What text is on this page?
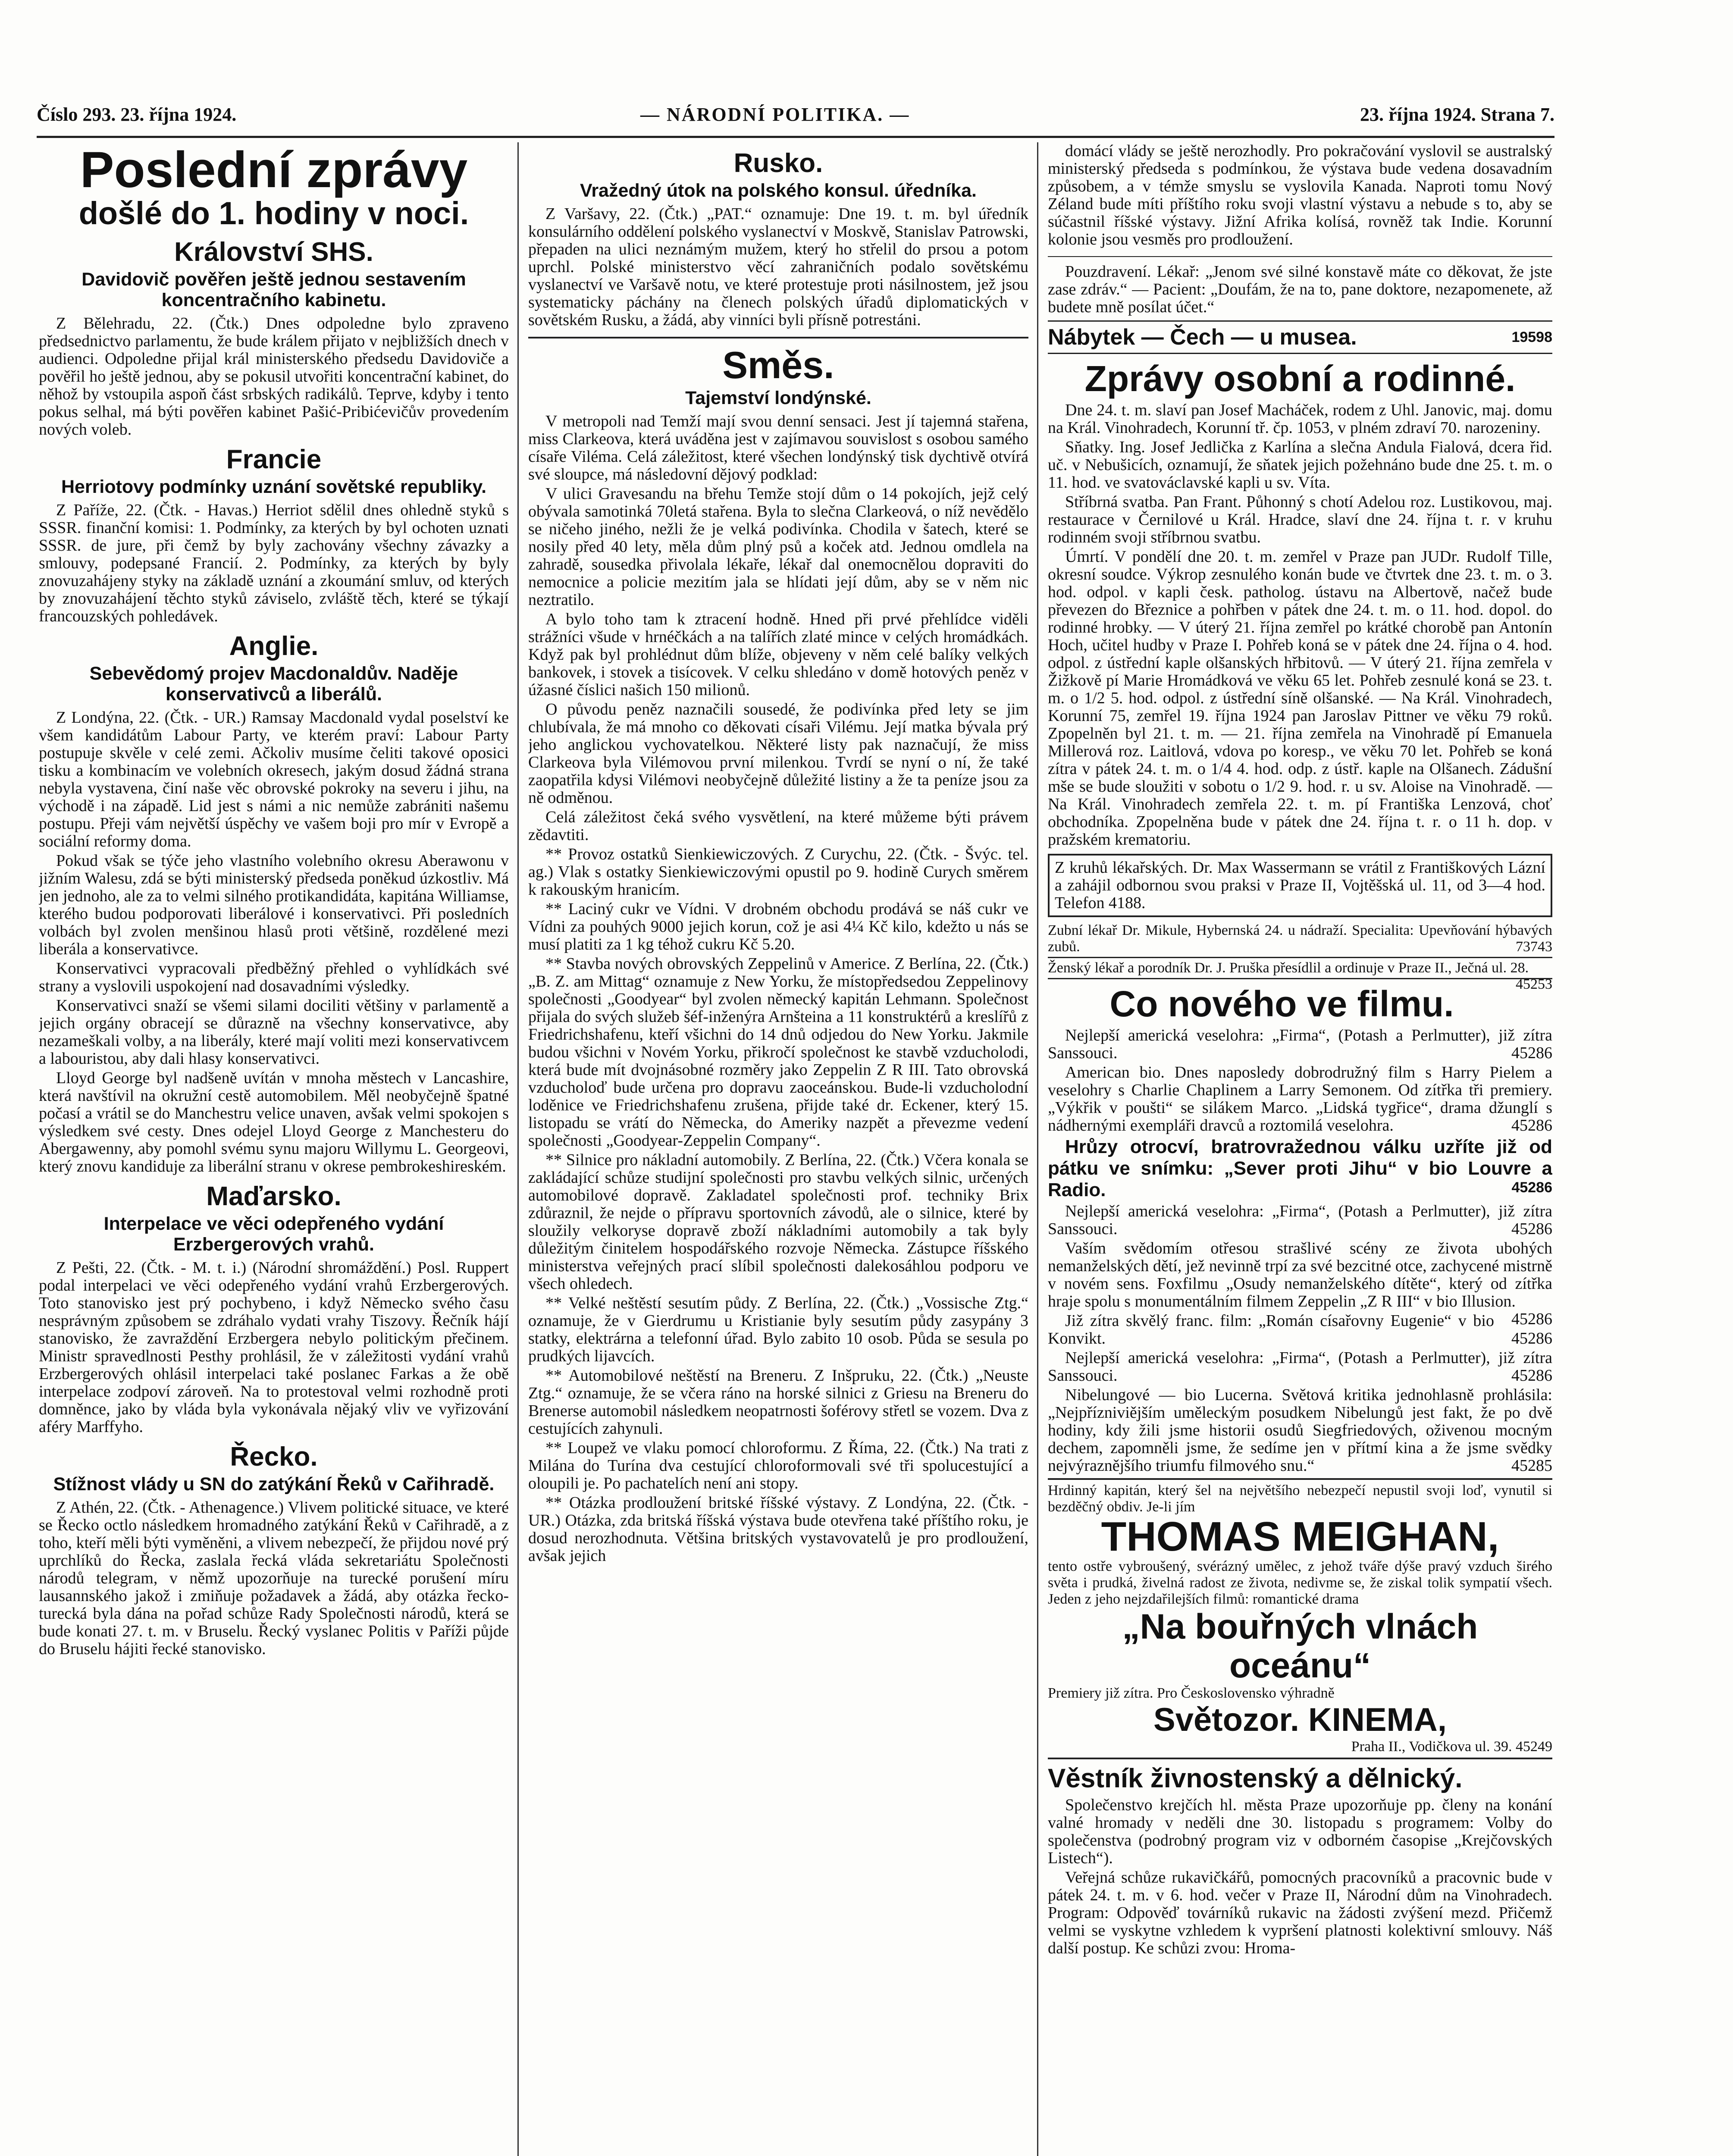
Číslo 293. 23. října 1924.	— NÁRODNÍ POLITIKA. —	23. října 1924. Strana 7.
Poslední zprávy
došlé do 1. hodiny v noci.
Království SHS.
Davidovič pověřen ještě jednou sestavením koncentračního kabinetu.

Z Bělehradu, 22. (Čtk.) Dnes odpoledne bylo zpraveno předsednictvo parlamentu, že bude králem přijato v nejbližších dnech v audienci. Odpoledne přijal král ministerského předsedu Davidoviče a pověřil ho ještě jednou, aby se pokusil utvořiti koncentrační kabinet, do něhož by vstoupila aspoň část srbských radikálů. Teprve, kdyby i tento pokus selhal, má býti pověřen kabinet Pašić-Pribićevičův provedením nových voleb.

Francie
Herriotovy podmínky uznání sovětské republiky.

Z Paříže, 22. (Čtk. - Havas.) Herriot sdělil dnes ohledně styků s SSSR. finanční komisi: 1. Podmínky, za kterých by byl ochoten uznati SSSR. de jure, při čemž by byly zachovány všechny závazky a smlouvy, podepsané Francií. 2. Podmínky, za kterých by byly znovuzahájeny styky na základě uznání a zkoumání smluv, od kterých by znovuzahájení těchto styků záviselo, zvláště těch, které se týkají francouzských pohledávek.

Anglie.
Sebevědomý projev Macdonaldův. Naděje konservativců a liberálů.

Z Londýna, 22. (Čtk. - UR.) Ramsay Macdonald vydal poselství ke všem kandidátům Labour Party, ve kterém praví: Labour Party postupuje skvěle v celé zemi. Ačkoliv musíme čeliti takové oposici tisku a kombinacím ve volebních okresech, jakým dosud žádná strana nebyla vystavena, činí naše věc obrovské pokroky na severu i jihu, na východě i na západě. Lid jest s námi a nic nemůže zabrániti našemu postupu. Přeji vám největší úspěchy ve vašem boji pro mír v Evropě a sociální reformy doma.

Pokud však se týče jeho vlastního volebního okresu Aberawonu v jižním Walesu, zdá se býti ministerský předseda poněkud úzkostliv. Má jen jednoho, ale za to velmi silného protikandidáta, kapitána Williamse, kterého budou podporovati liberálové i konservativci. Při posledních volbách byl zvolen menšinou hlasů proti většině, rozdělené mezi liberála a konservativce.

Konservativci vypracovali předběžný přehled o vyhlídkách své strany a vyslovili uspokojení nad dosavadními výsledky.

Konservativci snaží se všemi silami dociliti většiny v parlamentě a jejich orgány obracejí se důrazně na všechny konservativce, aby nezameškali volby, a na liberály, které mají voliti mezi konservativcem a labouristou, aby dali hlasy konservativci.

Lloyd George byl nadšeně uvítán v mnoha městech v Lancashire, která navštívil na okružní cestě automobilem. Měl neobyčejně špatné počasí a vrátil se do Manchestru velice unaven, avšak velmi spokojen s výsledkem své cesty. Dnes odejel Lloyd George z Manchesteru do Abergawenny, aby pomohl svému synu majoru Willymu L. Georgeovi, který znovu kandiduje za liberální stranu v okrese pembrokeshireském.

Maďarsko.
Interpelace ve věci odepřeného vydání Erzbergerových vrahů.

Z Pešti, 22. (Čtk. - M. t. i.) (Národní shromáždění.) Posl. Ruppert podal interpelaci ve věci odepřeného vydání vrahů Erzbergerových. Toto stanovisko jest prý pochybeno, i když Německo svého času nesprávným způsobem se zdráhalo vydati vrahy Tiszovy. Řečník hájí stanovisko, že zavraždění Erzbergera nebylo politickým přečinem. Ministr spravedlnosti Pesthy prohlásil, že v záležitosti vydání vrahů Erzbergerových ohlásil interpelaci také poslanec Farkas a že obě interpelace zodpoví zároveň. Na to protestoval velmi rozhodně proti domněnce, jako by vláda byla vykonávala nějaký vliv ve vyřizování aféry Marffyho.

Řecko.
Stížnost vlády u SN do zatýkání Řeků v Cařihradě.

Z Athén, 22. (Čtk. - Athenagence.) Vlivem politické situace, ve které se Řecko octlo následkem hromadného zatýkání Řeků v Cařihradě, a z toho, kteří měli býti vyměněni, a vlivem nebezpečí, že přijdou nové prý uprchlíků do Řecka, zaslala řecká vláda sekretariátu Společnosti národů telegram, v němž upozorňuje na turecké porušení míru lausannského jakož i zmiňuje požadavek a žádá, aby otázka řecko-turecká byla dána na pořad schůze Rady Společnosti národů, která se bude konati 27. t. m. v Bruselu. Řecký vyslanec Politis v Paříži půjde do Bruselu hájiti řecké stanovisko.

Rusko.
Vražedný útok na polského konsul. úředníka.

Z Varšavy, 22. (Čtk.) „PAT.“ oznamuje: Dne 19. t. m. byl úředník konsulárního oddělení polského vyslanectví v Moskvě, Stanislav Patrowski, přepaden na ulici neznámým mužem, který ho střelil do prsou a potom uprchl. Polské ministerstvo věcí zahraničních podalo sovětskému vyslanectví ve Varšavě notu, ve které protestuje proti násilnostem, jež jsou systematicky páchány na členech polských úřadů diplomatických v sovětském Rusku, a žádá, aby vinníci byli přísně potrestáni.

Směs.
Tajemství londýnské.

V metropoli nad Temží mají svou denní sensaci. Jest jí tajemná stařena, miss Clarkeova, která uváděna jest v zajímavou souvislost s osobou samého císaře Viléma. Celá záležitost, které všechen londýnský tisk dychtivě otvírá své sloupce, má následovní dějový podklad:

V ulici Gravesandu na břehu Temže stojí dům o 14 pokojích, jejž celý obývala samotinká 70letá stařena. Byla to slečna Clarkeová, o níž nevědělo se ničeho jiného, nežli že je velká podivínka. Chodila v šatech, které se nosily před 40 lety, měla dům plný psů a koček atd. Jednou omdlela na zahradě, sousedka přivolala lékaře, lékař dal onemocnělou dopraviti do nemocnice a policie mezitím jala se hlídati její dům, aby se v něm nic neztratilo.

A bylo toho tam k ztracení hodně. Hned při prvé přehlídce viděli strážníci všude v hrnéčkách a na talířích zlaté mince v celých hromádkách. Když pak byl prohlédnut dům blíže, objeveny v něm celé balíky velkých bankovek, i stovek a tisícovek. V celku shledáno v domě hotových peněz v úžasné číslici našich 150 milionů.

O původu peněz naznačili sousedé, že podivínka před lety se jim chlubívala, že má mnoho co děkovati císaři Vilému. Její matka bývala prý jeho anglickou vychovatelkou. Některé listy pak naznačují, že miss Clarkeova byla Vilémovou první milenkou. Tvrdí se nyní o ní, že také zaopatřila kdysi Vilémovi neobyčejně důležité listiny a že ta peníze jsou za ně odměnou.

Celá záležitost čeká svého vysvětlení, na které můžeme býti právem zědavtiti.

** Provoz ostatků Sienkiewiczových. Z Curychu, 22. (Čtk. - Švýc. tel. ag.) Vlak s ostatky Sienkiewiczovými opustil po 9. hodině Curych směrem k rakouským hranicím.

** Laciný cukr ve Vídni. V drobném obchodu prodává se náš cukr ve Vídni za pouhých 9000 jejich korun, což je asi 4¼ Kč kilo, kdežto u nás se musí platiti za 1 kg téhož cukru Kč 5.20.

** Stavba nových obrovských Zeppelinů v Americe. Z Berlína, 22. (Čtk.) „B. Z. am Mittag“ oznamuje z New Yorku, že místopředsedou Zeppelinovy společnosti „Goodyear“ byl zvolen německý kapitán Lehmann. Společnost přijala do svých služeb šéf-inženýra Arnšteina a 11 konstruktérů a kreslířů z Friedrichshafenu, kteří všichni do 14 dnů odjedou do New Yorku. Jakmile budou všichni v Novém Yorku, přikročí společnost ke stavbě vzducholodi, která bude mít dvojnásobné rozměry jako Zeppelin Z R III. Tato obrovská vzducholoď bude určena pro dopravu zaoceánskou. Bude-li vzducholodní loděnice ve Friedrichshafenu zrušena, přijde také dr. Eckener, který 15. listopadu se vrátí do Německa, do Ameriky nazpět a převezme vedení společnosti „Goodyear-Zeppelin Company“.

** Silnice pro nákladní automobily. Z Berlína, 22. (Čtk.) Včera konala se zakládající schůze studijní společnosti pro stavbu velkých silnic, určených automobilové dopravě. Zakladatel společnosti prof. techniky Brix zdůraznil, že nejde o přípravu sportovních závodů, ale o silnice, které by sloužily velkoryse dopravě zboží nákladními automobily a tak byly důležitým činitelem hospodářského rozvoje Německa. Zástupce říšského ministerstva veřejných prací slíbil společnosti dalekosáhlou podporu ve všech ohledech.

** Velké neštěstí sesutím půdy. Z Berlína, 22. (Čtk.) „Vossische Ztg.“ oznamuje, že v Gierdrumu u Kristianie byly sesutím půdy zasypány 3 statky, elektrárna a telefonní úřad. Bylo zabito 10 osob. Půda se sesula po prudkých lijavcích.

** Automobilové neštěstí na Breneru. Z Inšpruku, 22. (Čtk.) „Neuste Ztg.“ oznamuje, že se včera ráno na horské silnici z Griesu na Breneru do Brenerse automobil následkem neopatrnosti šoférovy střetl se vozem. Dva z cestujících zahynuli.

** Loupež ve vlaku pomocí chloroformu. Z Říma, 22. (Čtk.) Na trati z Milána do Turína dva cestující chloroformovali své tři spolucestující a oloupili je. Po pachatelích není ani stopy.

** Otázka prodloužení britské říšské výstavy. Z Londýna, 22. (Čtk. - UR.) Otázka, zda britská říšská výstava bude otevřena také příštího roku, je dosud nerozhodnuta. Většina britských vystavovatelů je pro prodloužení, avšak jejich

domácí vlády se ještě nerozhodly. Pro pokračování vyslovil se australský ministerský předseda s podmínkou, že výstava bude vedena dosavadním způsobem, a v témže smyslu se vyslovila Kanada. Naproti tomu Nový Zéland bude míti příštího roku svoji vlastní výstavu a nebude s to, aby se súčastnil říšské výstavy. Jižní Afrika kolísá, rovněž tak Indie. Korunní kolonie jsou vesměs pro prodloužení.

Pouzdravení. Lékař: „Jenom své silné konstavě máte co děkovat, že jste zase zdráv.“ — Pacient: „Doufám, že na to, pane doktore, nezapomenete, až budete mně posílat účet.“

Nábytek — Čech — u musea.	19598
Zprávy osobní a rodinné.

Dne 24. t. m. slaví pan Josef Macháček, rodem z Uhl. Janovic, maj. domu na Král. Vinohradech, Korunní tř. čp. 1053, v plném zdraví 70. narozeniny.

Sňatky. Ing. Josef Jedlička z Karlína a slečna Andula Fialová, dcera řid. uč. v Nebušicích, oznamují, že sňatek jejich požehnáno bude dne 25. t. m. o 11. hod. ve svatováclavské kapli u sv. Víta.

Stříbrná svatba. Pan Frant. Půhonný s chotí Adelou roz. Lustikovou, maj. restaurace v Černilové u Král. Hradce, slaví dne 24. října t. r. v kruhu rodinném svoji stříbrnou svatbu.

Úmrtí. V pondělí dne 20. t. m. zemřel v Praze pan JUDr. Rudolf Tille, okresní soudce. Výkrop zesnulého konán bude ve čtvrtek dne 23. t. m. o 3. hod. odpol. v kapli česk. patholog. ústavu na Albertově, načež bude převezen do Březnice a pohřben v pátek dne 24. t. m. o 11. hod. dopol. do rodinné hrobky. — V úterý 21. října zemřel po krátké chorobě pan Antonín Hoch, učitel hudby v Praze I. Pohřeb koná se v pátek dne 24. října o 4. hod. odpol. z ústřední kaple olšanských hřbitovů. — V úterý 21. října zemřela v Žižkově pí Marie Hromádková ve věku 65 let. Pohřeb zesnulé koná se 23. t. m. o 1/2 5. hod. odpol. z ústřední síně olšanské. — Na Král. Vinohradech, Korunní 75, zemřel 19. října 1924 pan Jaroslav Pittner ve věku 79 roků. Zpopelněn byl 21. t. m. — 21. října zemřela na Vinohradě pí Emanuela Millerová roz. Laitlová, vdova po koresp., ve věku 70 let. Pohřeb se koná zítra v pátek 24. t. m. o 1/4 4. hod. odp. z ústř. kaple na Olšanech. Zádušní mše se bude sloužiti v sobotu o 1/2 9. hod. r. u sv. Aloise na Vinohradě. — Na Král. Vinohradech zemřela 22. t. m. pí Františka Lenzová, choť obchodníka. Zpopelněna bude v pátek dne 24. října t. r. o 11 h. dop. v pražském krematoriu.

Z kruhů lékařských. Dr. Max Wassermann se vrátil z Františkových Lázní a zahájil odbornou svou praksi v Praze II, Vojtěšská ul. 11, od 3—4 hod. Telefon 4188.
Zubní lékař Dr. Mikule, Hybernská 24. u nádraží. Specialita: Upevňování hýbavých zubů.	73743
Ženský lékař a porodník Dr. J. Pruška přesídlil a ordinuje v Praze II., Ječná ul. 28.
45253
Co nového ve filmu.

Nejlepší americká veselohra: „Firma“, (Potash a Perlmutter), již zítra Sanssouci.	45286

American bio. Dnes naposledy dobrodružný film s Harry Pielem a veselohry s Charlie Chaplinem a Larry Semonem. Od zítřka tři premiery. „Výkřik v poušti“ se silákem Marco. „Lidská tygřice“, drama džunglí s nádhernými exempláři dravců a roztomilá veselohra.	45286

Hrůzy otrocví, bratrovražednou válku uzříte již od pátku ve snímku: „Sever proti Jihu“ v bio Louvre a Radio.	45286

Nejlepší americká veselohra: „Firma“, (Potash a Perlmutter), již zítra Sanssouci.	45286

Vaším svědomím otřesou strašlivé scény ze života ubohých nemanželských dětí, jež nevinně trpí za své bezcitné otce, zachycené mistrně v novém sens. Foxfilmu „Osudy nemanželského dítěte“, který od zítřka hraje spolu s monumentálním filmem Zeppelin „Z R III“ v bio Illusion.
45286

Již zítra skvělý franc. film: „Román císařovny Eugenie“ v bio Konvikt.	45286

Nejlepší americká veselohra: „Firma“, (Potash a Perlmutter), již zítra Sanssouci.	45286

Nibelungové — bio Lucerna. Světová kritika jednohlasně prohlásila: „Nejpřízniviějším uměleckým posudkem Nibelungů jest fakt, že po dvě hodiny, kdy žili jsme historii osudů Siegfriedových, oživenou mocným dechem, zapomněli jsme, že sedíme jen v přítmí kina a že jsme svědky nejvýraznějšího triumfu filmového snu.“	45285

Hrdinný kapitán, který šel na největšího nebezpečí nepustil svoji loď, vynutil si bezděčný obdiv. Je-li jím
THOMAS MEIGHAN,
tento ostře vybroušený, svérázný umělec, z jehož tváře dýše pravý vzduch širého světa i prudká, živelná radost ze života, nedivme se, že ziskal tolik sympatií všech. Jeden z jeho nejzdařilejších filmů: romantické drama
„Na bouřných vlnách oceánu“
Premiery již zítra. Pro Československo výhradně
Světozor. KINEMA,
Praha II., Vodičkova ul. 39. 45249
Věstník živnostenský a dělnický.

Společenstvo krejčích hl. města Praze upozorňuje pp. členy na konání valné hromady v neděli dne 30. listopadu s programem: Volby do společenstva (podrobný program viz v odborném časopise „Krejčovských Listech“).

Veřejná schůze rukavičkářů, pomocných pracovníků a pracovnic bude v pátek 24. t. m. v 6. hod. večer v Praze II, Národní dům na Vinohradech. Program: Odpověď továrníků rukavic na žádosti zvýšení mezd. Přičemž velmi se vyskytne vzhledem k vypršení platnosti kolektivní smlouvy. Náš další postup. Ke schůzi zvou: Hroma-
